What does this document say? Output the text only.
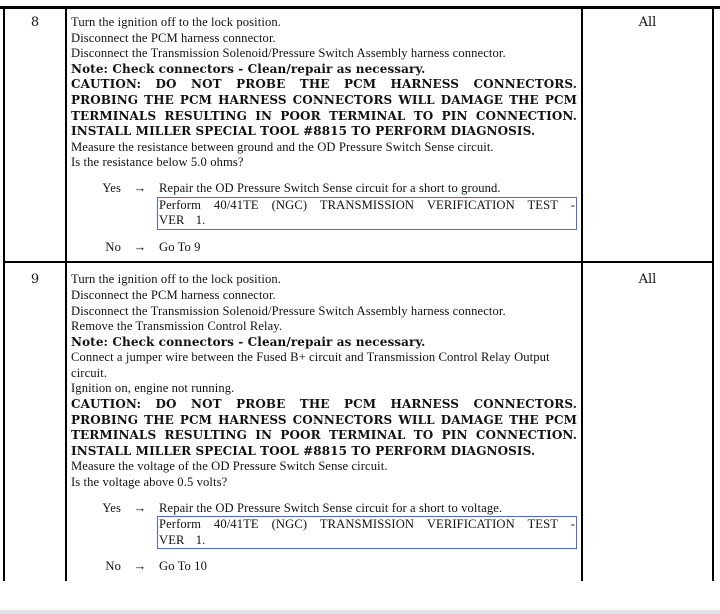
8	Turn the ignition off to the lock position.
Disconnect the PCM harness connector.
Disconnect the Transmission Solenoid/Pressure Switch Assembly harness connector.
Note: Check connectors - Clean/repair as necessary.
CAUTION: DO NOT PROBE THE PCM HARNESS CONNECTORS. PROBING THE PCM HARNESS CONNECTORS WILL DAMAGE THE PCM TERMINALS RESULTING IN POOR TERMINAL TO PIN CONNECTION. INSTALL MILLER SPECIAL TOOL #8815 TO PERFORM DIAGNOSIS.
Measure the resistance between ground and the OD Pressure Switch Sense circuit.
Is the resistance below 5.0 ohms?
Yes	→	Repair the OD Pressure Switch Sense circuit for a short to ground.
Perform 40/41TE (NGC) TRANSMISSION VERIFICATION TEST - VER 1.
No	→	Go To 9
All
9	Turn the ignition off to the lock position.
Disconnect the PCM harness connector.
Disconnect the Transmission Solenoid/Pressure Switch Assembly harness connector.
Remove the Transmission Control Relay.
Note: Check connectors - Clean/repair as necessary.
Connect a jumper wire between the Fused B+ circuit and Transmission Control Relay Output circuit.
Ignition on, engine not running.
CAUTION: DO NOT PROBE THE PCM HARNESS CONNECTORS. PROBING THE PCM HARNESS CONNECTORS WILL DAMAGE THE PCM TERMINALS RESULTING IN POOR TERMINAL TO PIN CONNECTION. INSTALL MILLER SPECIAL TOOL #8815 TO PERFORM DIAGNOSIS.
Measure the voltage of the OD Pressure Switch Sense circuit.
Is the voltage above 0.5 volts?
Yes	→	Repair the OD Pressure Switch Sense circuit for a short to voltage.
Perform 40/41TE (NGC) TRANSMISSION VERIFICATION TEST - VER 1.
No	→	Go To 10
All
